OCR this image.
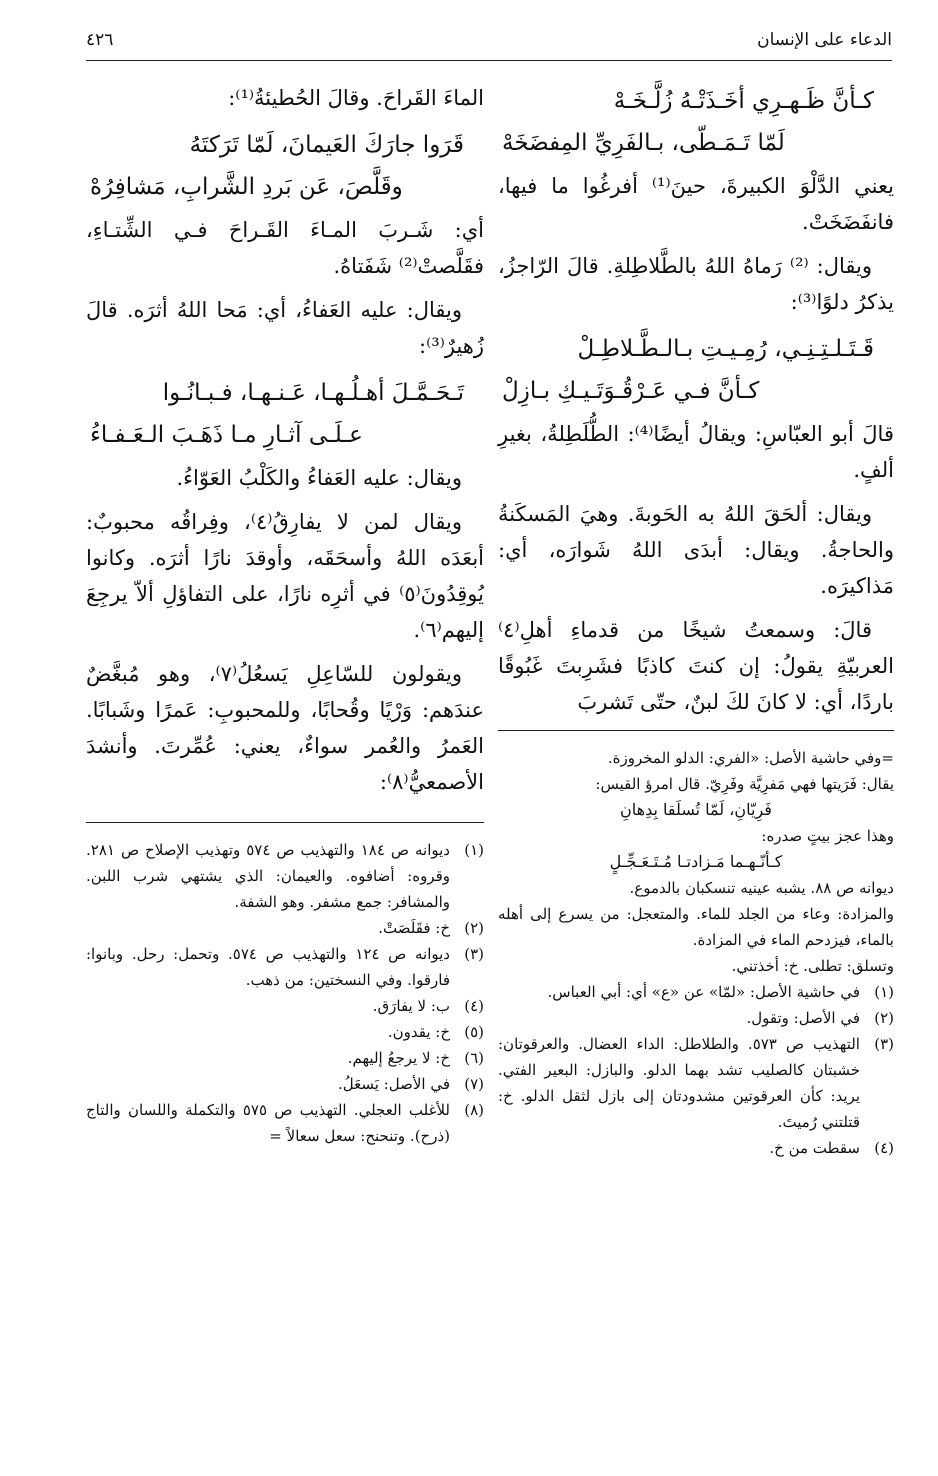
الدعاء على الإنسان
٤٢٦
كـأنَّ ظَـهـرِي أخَـذَتْـهُ زُلَّـخَـهْ
لَمّا تَـمَـطّى، بـالفَرِيِّ المِفضَخَهْ

يعني الدَّلْوَ الكبيرةَ، حينَ⁽¹⁾ أفرغُوا ما فيها، فانفَضَخَتْ.

ويقال: ⁽²⁾ رَماهُ اللهُ بالطَّلاطِلةِ. قالَ الرّاجزُ، يذكرُ دلوًا⁽³⁾:

قَـتَـلـتِـنِـي، رُمِـيـتِ بـالـطَّـلاطِـلْ
كـأنَّ فـي عَـرْقُـوَتَـيـكِ بـازِلْ

قالَ أبو العبّاسِ: ويقالُ أيضًا⁽⁴⁾: الطُّلَطِلةُ، بغيرِ ألفٍ.

ويقال: ألحَقَ اللهُ به الحَوبةَ. وهيَ المَسكَنةُ والحاجةُ. ويقال: أبدَى اللهُ شَوارَه، أي: مَذاكيرَه.

قالَ: وسمعتُ شيخًا من قدماءِ أهلِ⁽٤⁾ العربيّةِ يقولُ: إن كنتَ كاذبًا فشَرِبتَ غَبُوقًا باردًا، أي: لا كانَ لكَ لبنٌ، حتّى تَشربَ

=وفي حاشية الأصل: «الفري: الدلو المخروزة.

يقال: فَرَيتها فهي مَفرِيَّة وفَرِيّ. قال امرؤ القيس:

فَرِيّانِ، لَمّا تُسلَقا بِدِهانِ

وهذا عجز بيتٍ صدره:

كـأنّـهـما مَـزادتـا مُـتَـعَـجِّـلٍ

ديوانه ص ٨٨. يشبه عينيه تنسكبان بالدموع.

والمزادة: وعاء من الجلد للماء. والمتعجل: من يسرع إلى أهله بالماء، فيزدحم الماء في المزادة.

وتسلق: تطلى. خ: أخذتني.

(١)
في حاشية الأصل: «لمّا» عن «ع» أي: أبي العباس.
(٢)
في الأصل: وتقول.
(٣)
التهذيب ص ٥٧٣. والطلاطل: الداء العضال. والعرقوتان: خشبتان كالصليب تشد بهما الدلو. والبازل: البعير الفتي. يريد: كأن العرقوتين مشدودتان إلى بازل لثقل الدلو. خ: قتلتني رُميتَ.
(٤)
سقطت من خ.

الماءَ القَراحَ. وقالَ الحُطيئةُ⁽¹⁾:

قَرَوا جارَكَ العَيمانَ، لَمّا تَرَكتَهُ
وقَلَّصَ، عَن بَردِ الشَّرابِ، مَشافِرُهْ

أي: شَـربَ المـاءَ القَـراحَ فـي الشِّتـاءِ، فقَلَّصتْ⁽²⁾ شَفَتاهُ.

ويقال: عليه العَفاءُ، أي: مَحا اللهُ أثرَه. قالَ زُهيرٌ⁽³⁾:

تَـحَـمَّـلَ أهـلُـهـا، عَـنـهـا، فـبـانُـوا
عـلَـى آثـارِ مـا ذَهَـبَ الـعَـفـاءُ

ويقال: عليه العَفاءُ والكَلْبُ العَوّاءُ.

ويقال لمن لا يفارِقُ⁽٤⁾، وفِراقُه محبوبٌ: أبعَدَه اللهُ وأسحَقَه، وأوقدَ نارًا أثرَه. وكانوا يُوقِدُونَ⁽٥⁾ في أثرِه نارًا، على التفاؤلِ ألاّ يرجِعَ إليهم⁽٦⁾.

ويقولون للسّاعِلِ يَسعُلُ⁽٧⁾، وهو مُبغَّضٌ عندَهم: وَرْيًا وقُحابًا، وللمحبوبِ: عَمرًا وشَبابًا. العَمرُ والعُمر سواءٌ، يعني: عُمِّرتَ. وأنشدَ الأصمعيُّ⁽٨⁾:

(١)
ديوانه ص ١٨٤ والتهذيب ص ٥٧٤ وتهذيب الإصلاح ص ٢٨١. وقروه: أضافوه. والعيمان: الذي يشتهي شرب اللبن. والمشافر: جمع مشفر. وهو الشفة.
(٢)
خ: فقَلَصَتْ.
(٣)
ديوانه ص ١٢٤ والتهذيب ص ٥٧٤. وتحمل: رحل. وبانوا: فارقوا. وفي النسختين: من ذهب.
(٤)
ب: لا يفارَق.
(٥)
خ: يقدون.
(٦)
خ: لا يرجعُ إليهم.
(٧)
في الأصل: يَسعَلُ.
(٨)
للأغلب العجلي. التهذيب ص ٥٧٥ والتكملة واللسان والتاج (ذرح). وتنحنح: سعل سعالاً =
